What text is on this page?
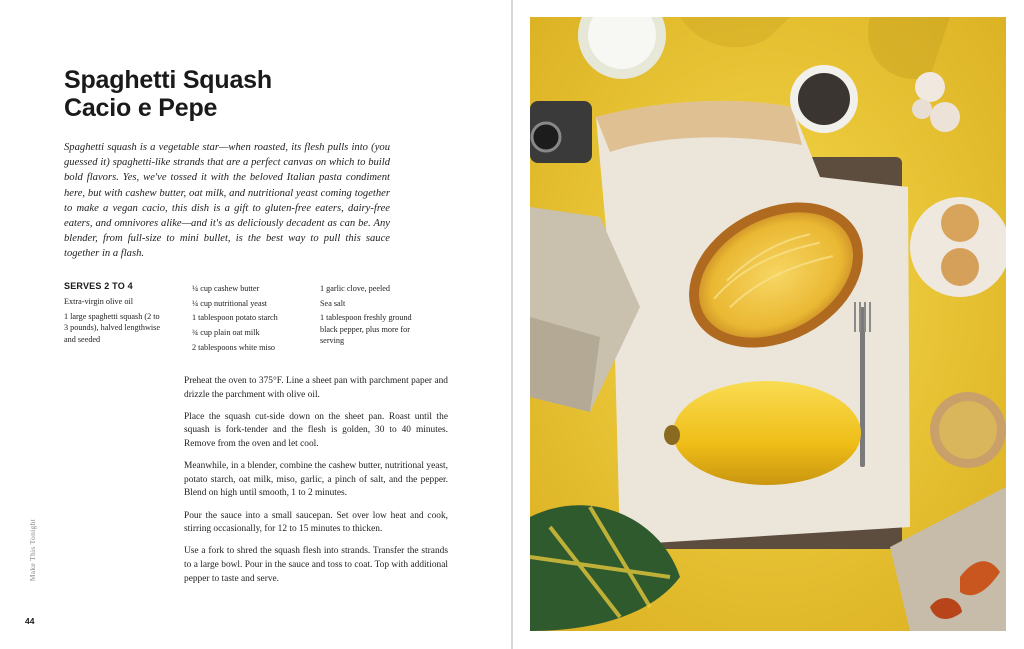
Spaghetti Squash
Cacio e Pepe

Spaghetti squash is a vegetable star—when roasted, its flesh pulls into (you guessed it) spaghetti-like strands that are a perfect canvas on which to build bold flavors. Yes, we've tossed it with the beloved Italian pasta condiment here, but with cashew butter, oat milk, and nutritional yeast coming together to make a vegan cacio, this dish is a gift to gluten-free eaters, dairy-free eaters, and omnivores alike—and it's as deliciously decadent as can be. Any blender, from full-size to mini bullet, is the best way to pull this sauce together in a flash.

SERVES 2 TO 4
Extra-virgin olive oil
1 large spaghetti squash (2 to 3 pounds), halved lengthwise and seeded
¼ cup cashew butter
¼ cup nutritional yeast
1 tablespoon potato starch
¾ cup plain oat milk
2 tablespoons white miso
1 garlic clove, peeled
Sea salt
1 tablespoon freshly ground black pepper, plus more for serving

Preheat the oven to 375°F. Line a sheet pan with parchment paper and drizzle the parchment with olive oil.

Place the squash cut-side down on the sheet pan. Roast until the squash is fork-tender and the flesh is golden, 30 to 40 minutes. Remove from the oven and let cool.

Meanwhile, in a blender, combine the cashew butter, nutritional yeast, potato starch, oat milk, miso, garlic, a pinch of salt, and the pepper. Blend on high until smooth, 1 to 2 minutes.

Pour the sauce into a small saucepan. Set over low heat and cook, stirring occasionally, for 12 to 15 minutes to thicken.

Use a fork to shred the squash flesh into strands. Transfer the strands to a large bowl. Pour in the sauce and toss to coat. Top with additional pepper to taste and serve.

Make This Tonight
44
